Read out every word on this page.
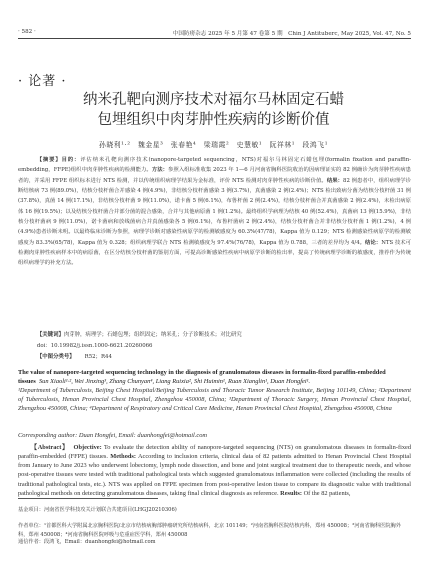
· 582 ·	中国防痨杂志 2025 年 5 月第 47 卷第 5 期　Chin J Antituberc, May 2025, Vol. 47, No. 5
· 论著 ·
纳米孔靶向测序技术对福尔马林固定石蜡
包埋组织中肉芽肿性疾病的诊断价值
孙晓利¹·²　魏金星³　张春艳⁴　梁瑞霞²　史慧敏¹　阮祥林¹　段鸿飞¹
【摘要】目的：评估纳米孔靶向测序技术(nanopore-targeted sequencing，NTS)对福尔马林固定石蜡包埋(formalin fixation and paraffin-embedding，FFPE)组织中肉芽肿性疾病的检测能力。方法：参照入组标准收集 2023 年 1—6 月河南省胸科医院收治的因病理证实的 82 例确诊为肉芽肿性疾病患者的，并采用 FFPE 组织标本进行 NTS 检测，并以传统组织病理学结果为金标准，评价 NTS 检测对肉芽肿性疾病的诊断价值。结果：82 例患者中，组织病理学诊断结核病 73 例(89.0%)，结核分枝杆菌合并感染 4 例(4.9%)，非结核分枝杆菌感染 3 例(3.7%)，真菌感染 2 例(2.4%)；NTS 检出致病分菌为结核分枝杆菌 31 例(37.8%)，真菌 14 例(17.1%)，非结核分枝杆菌 9 例(11.0%)，诺卡菌 5 例(6.1%)，布鲁杆菌 2 例(2.4%)，结核分枝杆菌合并真菌感染 2 例(2.4%)，未检出病原体 16 例(19.5%)；以及结核分枝杆菌合并部分菌的混合感染，合并与其他病原菌 1 例(1.2%)。最终组织学病理为结核 40 例(52.4%)，真菌病 13 例(15.9%)，非结核分枝杆菌病 9 例(11.0%)，诺卡菌病和放线菌病合并真菌感染各 5 例(6.1%)，布鲁杆菌病 2 例(2.4%)，结核分枝杆菌合并非结核分枝杆菌 1 例(1.2%)，4 例(4.9%)患者诊断未明。以最终临床诊断为参照，病理学诊断对感染性病原学的检测敏感度为 60.3%(47/78)，Kappa 值为 0.129；NTS 检测感染性病原学的检测敏感度为 83.3%(65/78)，Kappa 值为 0.328；组织病理学联合 NTS 检测敏感度为 97.4%(76/78)，Kappa 值为 0.788，三者的差异均为 4/4。结论：NTS 技术可检测肉芽肿性疾病样本中的病原菌，在区分结核分枝杆菌的鉴别方面，可提高诊断感染性疾病中病原学诊断的检出率，提高了传统病理学诊断的敏感度，推荐作为传统组织病理学的补充方法。
【关键词】肉芽肿，病理学；石蜡包埋；组织固定；纳米孔；分子诊断技术；对比研究
doi：10.19982/j.issn.1000-6621.20260066
【中图分类号】 R52；R44
The value of nanopore-targeted sequencing technology in the diagnosis of granulomatous diseases in formalin-fixed paraffin-embedded tissues Sun Xiaoli¹·², Wei Jinxing³, Zhang Chunyan⁴, Liang Ruixia², Shi Huimin¹, Ruan Xianglin¹, Duan Hongfei¹.
¹Department of Tuberculosis, Beijing Chest Hospital/Beijing Tuberculosis and Thoracic Tumor Research Institute, Beijing 101149, China; ²Department of Tuberculosis, Henan Provincial Chest Hospital, Zhengzhou 450008, China; ³Department of Thoracic Surgery, Henan Provincial Chest Hospital, Zhengzhou 450008, China; ⁴Department of Respiratory and Critical Care Medicine, Henan Provincial Chest Hospital, Zhengzhou 450008, China
Corresponding author: Duan Hongfei, Email: duanhongfei@hotmail.com
【Abstract】 Objective: To evaluate the detection ability of nanopore-targeted sequencing (NTS) on granulomatous diseases in formalin-fixed paraffin-embedded (FFPE) tissues. Methods: According to inclusion criteria, clinical data of 82 patients admitted to Henan Provincial Chest Hospital from January to June 2023 who underwent lobectomy, lymph node dissection, and bone and joint surgical treatment due to therapeutic needs, and whose post-operative tissues were tested with traditional pathological tests which suggested granulomatous inflammation were collected (including the results of traditional pathological tests, etc.). NTS was applied on FFPE specimen from post-operative lesion tissue to compare its diagnostic value with traditional pathological methods on detecting granulomatous diseases, taking final clinical diagnosis as reference. Results: Of the 82 patients,
基金项目：河南省医学科技攻关计划联合共建项目(LHGJ20210306)
作者单位：¹首都医科大学附属北京胸科医院/北京市结核病胸部肿瘤研究所结核病科，北京 101149；²河南省胸科医院结核内科，郑州 450008；³河南省胸科医院胸外科，郑州 450008；⁴河南省胸科医院呼吸与危重症医学科，郑州 450008
通信作者：段鸿飞，Email：duanhongfei@hotmail.com
